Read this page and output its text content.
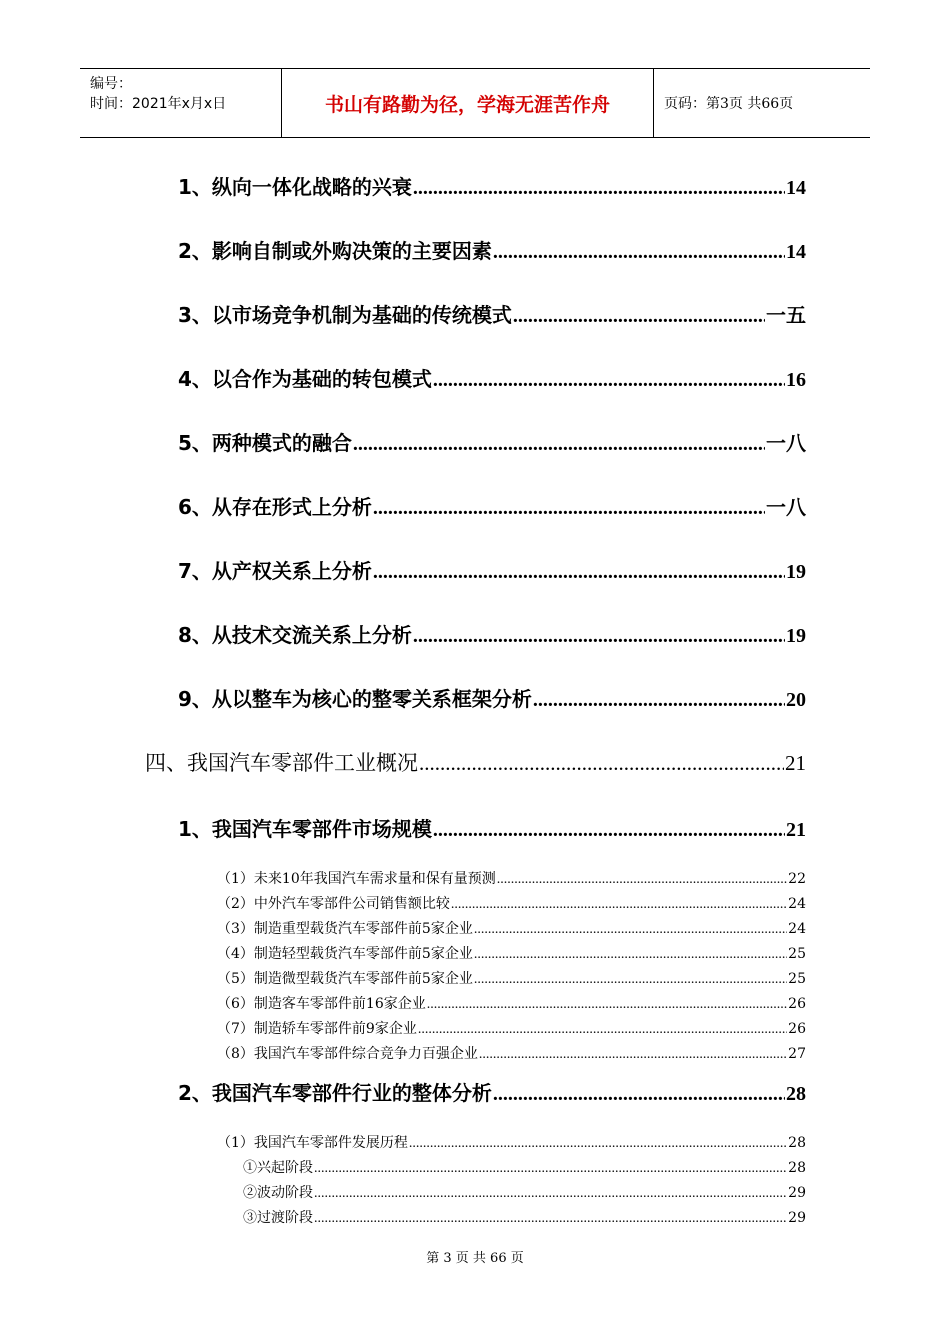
编号：
时间：2021年x月x日	书山有路勤为径，学海无涯苦作舟	页码：第3页 共66页
1、纵向一体化战略的兴衰 .....	14
2、影响自制或外购决策的主要因素 .....	14
3、以市场竞争机制为基础的传统模式 .....	一五
4、以合作为基础的转包模式 .....	16
5、两种模式的融合 .....	一八
6、从存在形式上分析 .....	一八
7、从产权关系上分析 .....	19
8、从技术交流关系上分析 .....	19
9、从以整车为核心的整零关系框架分析 .....	20
四、我国汽车零部件工业概况 .....	21
1、我国汽车零部件市场规模 .....	21
（1）未来10年我国汽车需求量和保有量预测 .....	22
（2）中外汽车零部件公司销售额比较 .....	24
（3）制造重型载货汽车零部件前5家企业 .....	24
（4）制造轻型载货汽车零部件前5家企业 .....	25
（5）制造微型载货汽车零部件前5家企业 .....	25
（6）制造客车零部件前16家企业 .....	26
（7）制造轿车零部件前9家企业 .....	26
（8）我国汽车零部件综合竞争力百强企业 .....	27
2、我国汽车零部件行业的整体分析 .....	28
（1）我国汽车零部件发展历程 .....	28
①兴起阶段 .....	28
②波动阶段 .....	29
③过渡阶段 .....	29
第 3 页 共 66 页
